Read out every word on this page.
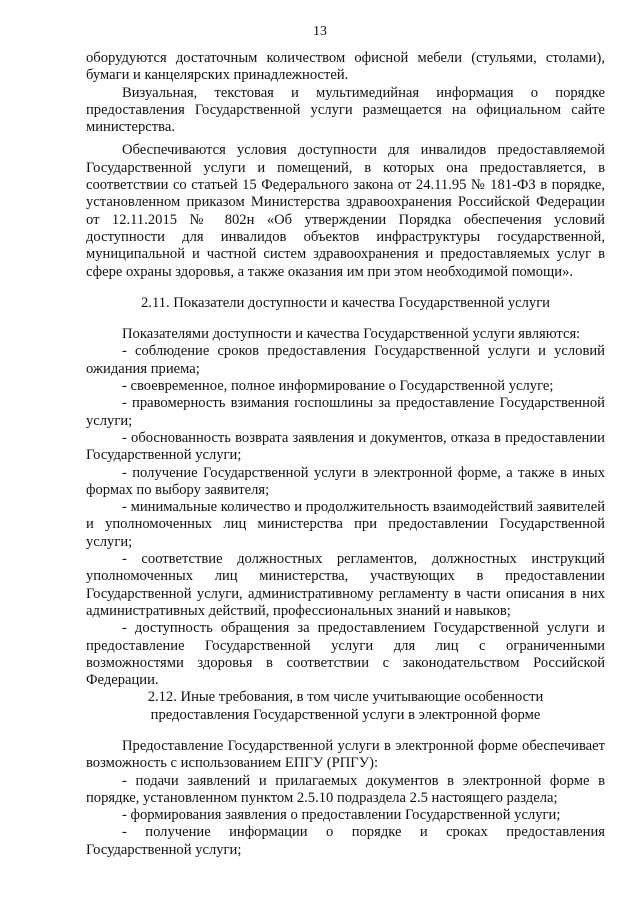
13

оборудуются достаточным количеством офисной мебели (стульями, столами), бумаги и канцелярских принадлежностей.

Визуальная, текстовая и мультимедийная информация о порядке предоставления Государственной услуги размещается на официальном сайте министерства.

Обеспечиваются условия доступности для инвалидов предоставляемой Государственной услуги и помещений, в которых она предоставляется, в соответствии со статьей 15 Федерального закона от 24.11.95 № 181-ФЗ в порядке, установленном приказом Министерства здравоохранения Российской Федерации от 12.11.2015 № 802н «Об утверждении Порядка обеспечения условий доступности для инвалидов объектов инфраструктуры государственной, муниципальной и частной систем здравоохранения и предоставляемых услуг в сфере охраны здоровья, а также оказания им при этом необходимой помощи».

2.11. Показатели доступности и качества Государственной услуги

Показателями доступности и качества Государственной услуги являются:

- соблюдение сроков предоставления Государственной услуги и условий ожидания приема;

- своевременное, полное информирование о Государственной услуге;

- правомерность взимания госпошлины за предоставление Государственной услуги;

- обоснованность возврата заявления и документов, отказа в предоставлении Государственной услуги;

- получение Государственной услуги в электронной форме, а также в иных формах по выбору заявителя;

- минимальные количество и продолжительность взаимодействий заявителей и уполномоченных лиц министерства при предоставлении Государственной услуги;

- соответствие должностных регламентов, должностных инструкций уполномоченных лиц министерства, участвующих в предоставлении Государственной услуги, административному регламенту в части описания в них административных действий, профессиональных знаний и навыков;

- доступность обращения за предоставлением Государственной услуги и предоставление Государственной услуги для лиц с ограниченными возможностями здоровья в соответствии с законодательством Российской Федерации.

2.12. Иные требования, в том числе учитывающие особенности

предоставления Государственной услуги в электронной форме

Предоставление Государственной услуги в электронной форме обеспечивает возможность с использованием ЕПГУ (РПГУ):

- подачи заявлений и прилагаемых документов в электронной форме в порядке, установленном пунктом 2.5.10 подраздела 2.5 настоящего раздела;

- формирования заявления о предоставлении Государственной услуги;

- получение информации о порядке и сроках предоставления Государственной услуги;
